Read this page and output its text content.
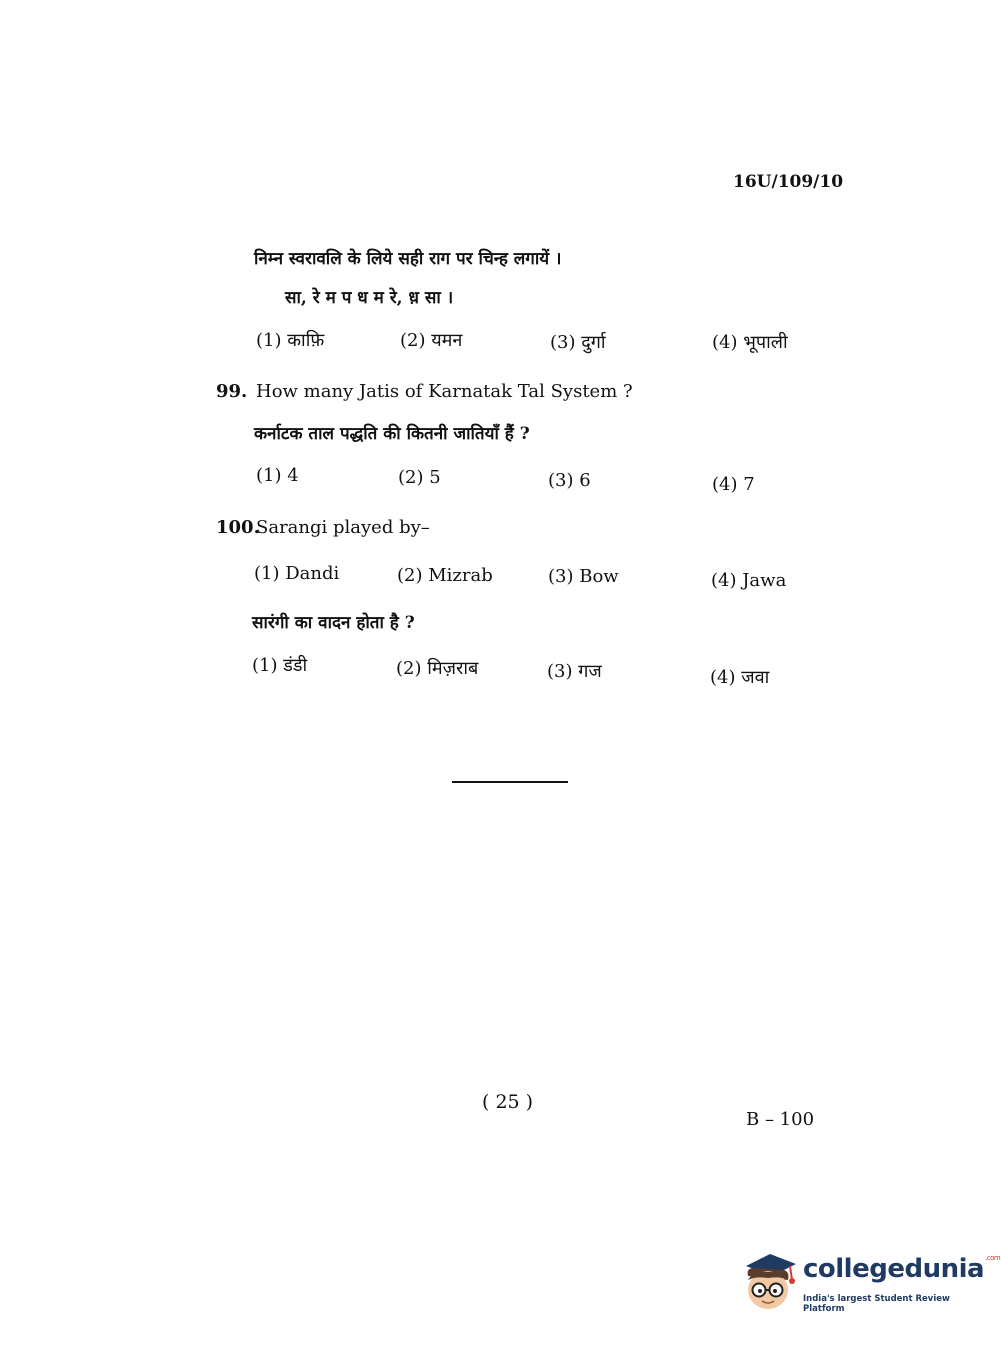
16U/109/10
निम्न स्वरावलि के लिये सही राग पर चिन्ह लगायें ।
सा, रे म प ध म रे, ध़ सा ।
(1) काफ़ि	(2) यमन	(3) दुर्गा	(4) भूपाली
99. How many Jatis of Karnatak Tal System ?
कर्नाटक ताल पद्धति की कितनी जातियाँ हैं ?
(1) 4	(2) 5	(3) 6	(4) 7
100.
Sarangi played by–
(1) Dandi	(2) Mizrab	(3) Bow	(4) Jawa
सारंगी का वादन होता है ?
(1) डंडी	(2) मिज़राब	(3) गज	(4) जवा
( 25 )
B – 100
collegedunia$^{.com}$
India's largest Student Review Platform
